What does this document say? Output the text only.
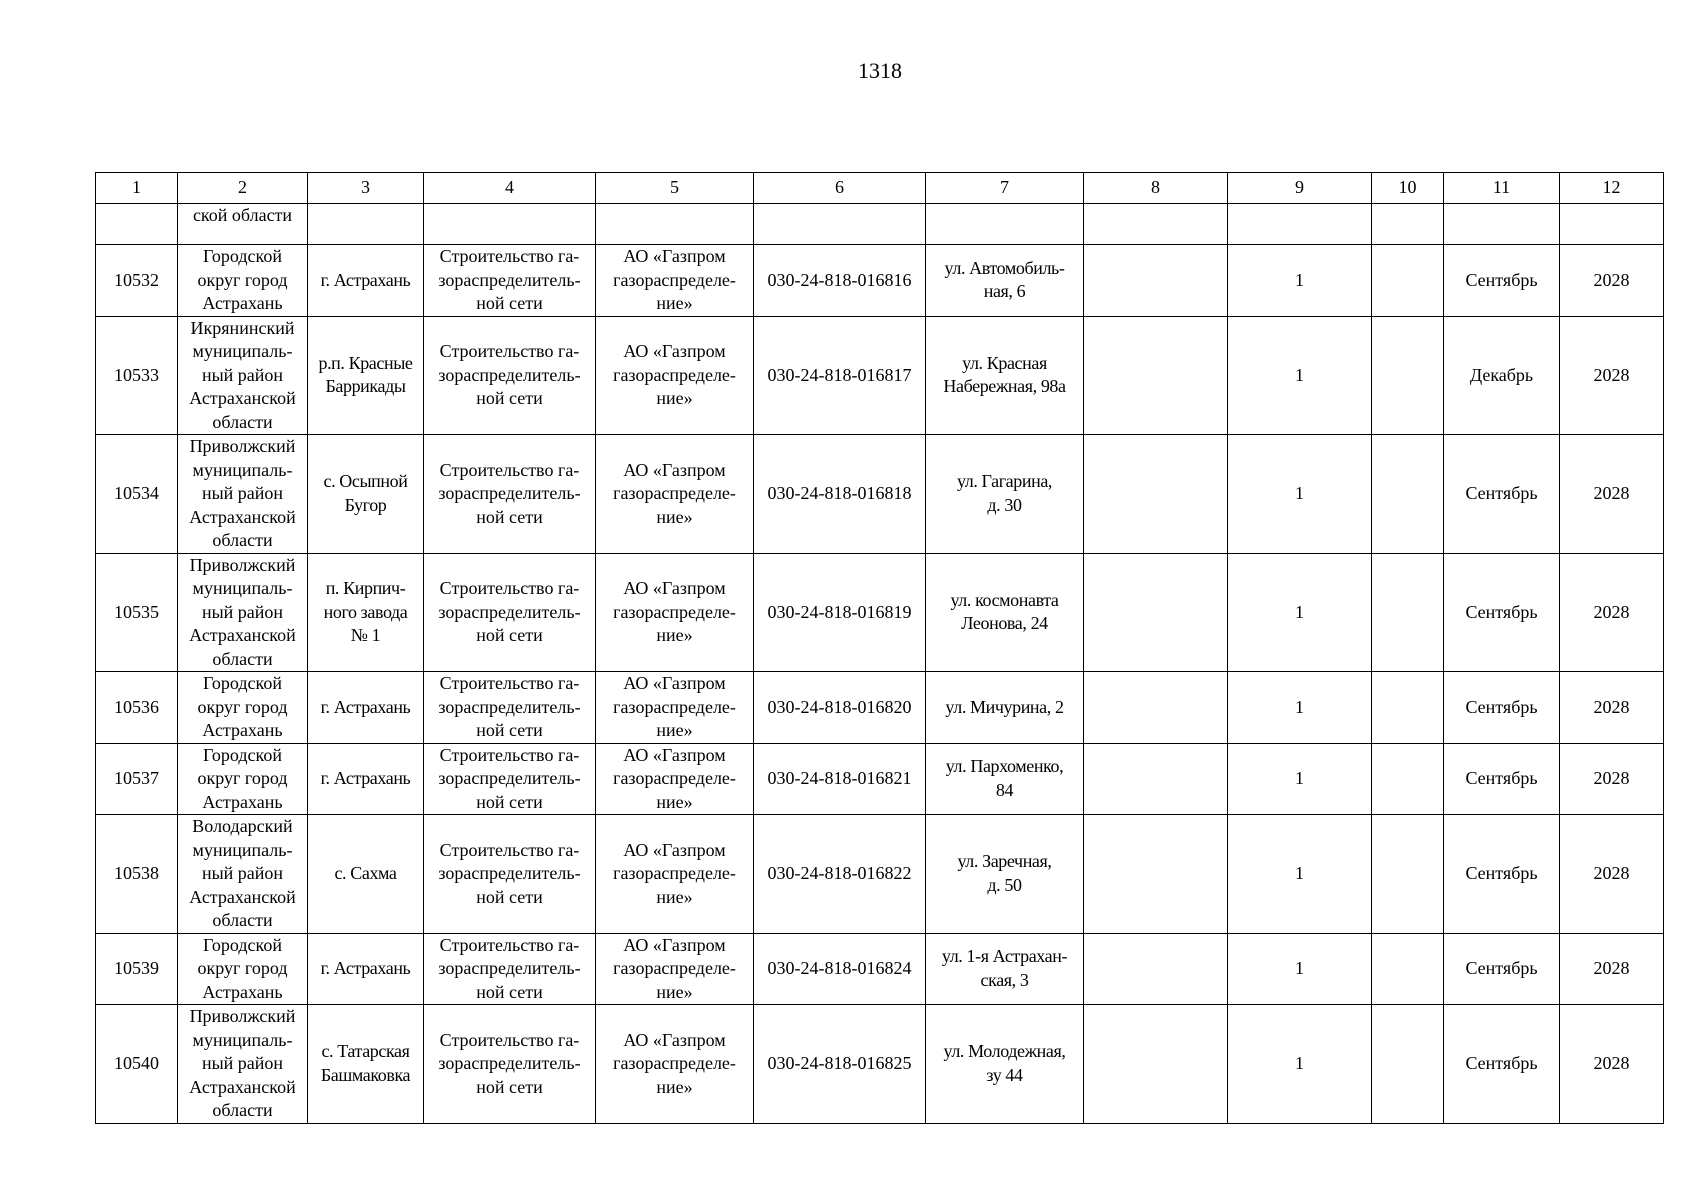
1318
1	2	3	4	5	6	7	8	9	10	11	12
	ской области										
10532	Городской
округ город
Астрахань	г. Астрахань	Строительство га-
зораспределитель-
ной сети	АО «Газпром
газораспределе-
ние»	030-24-818-016816	ул. Автомобиль-
ная, 6		1		Сентябрь	2028
10533	Икрянинский
муниципаль-
ный район
Астраханской
области	р.п. Красные
Баррикады	Строительство га-
зораспределитель-
ной сети	АО «Газпром
газораспределе-
ние»	030-24-818-016817	ул. Красная
Набережная, 98а		1		Декабрь	2028
10534	Приволжский
муниципаль-
ный район
Астраханской
области	с. Осыпной
Бугор	Строительство га-
зораспределитель-
ной сети	АО «Газпром
газораспределе-
ние»	030-24-818-016818	ул. Гагарина,
д. 30		1		Сентябрь	2028
10535	Приволжский
муниципаль-
ный район
Астраханской
области	п. Кирпич-
ного завода
№ 1	Строительство га-
зораспределитель-
ной сети	АО «Газпром
газораспределе-
ние»	030-24-818-016819	ул. космонавта
Леонова, 24		1		Сентябрь	2028
10536	Городской
округ город
Астрахань	г. Астрахань	Строительство га-
зораспределитель-
ной сети	АО «Газпром
газораспределе-
ние»	030-24-818-016820	ул. Мичурина, 2		1		Сентябрь	2028
10537	Городской
округ город
Астрахань	г. Астрахань	Строительство га-
зораспределитель-
ной сети	АО «Газпром
газораспределе-
ние»	030-24-818-016821	ул. Пархоменко,
84		1		Сентябрь	2028
10538	Володарский
муниципаль-
ный район
Астраханской
области	с. Сахма	Строительство га-
зораспределитель-
ной сети	АО «Газпром
газораспределе-
ние»	030-24-818-016822	ул. Заречная,
д. 50		1		Сентябрь	2028
10539	Городской
округ город
Астрахань	г. Астрахань	Строительство га-
зораспределитель-
ной сети	АО «Газпром
газораспределе-
ние»	030-24-818-016824	ул. 1-я Астрахан-
ская, 3		1		Сентябрь	2028
10540	Приволжский
муниципаль-
ный район
Астраханской
области	с. Татарская
Башмаковка	Строительство га-
зораспределитель-
ной сети	АО «Газпром
газораспределе-
ние»	030-24-818-016825	ул. Молодежная,
зу 44		1		Сентябрь	2028
